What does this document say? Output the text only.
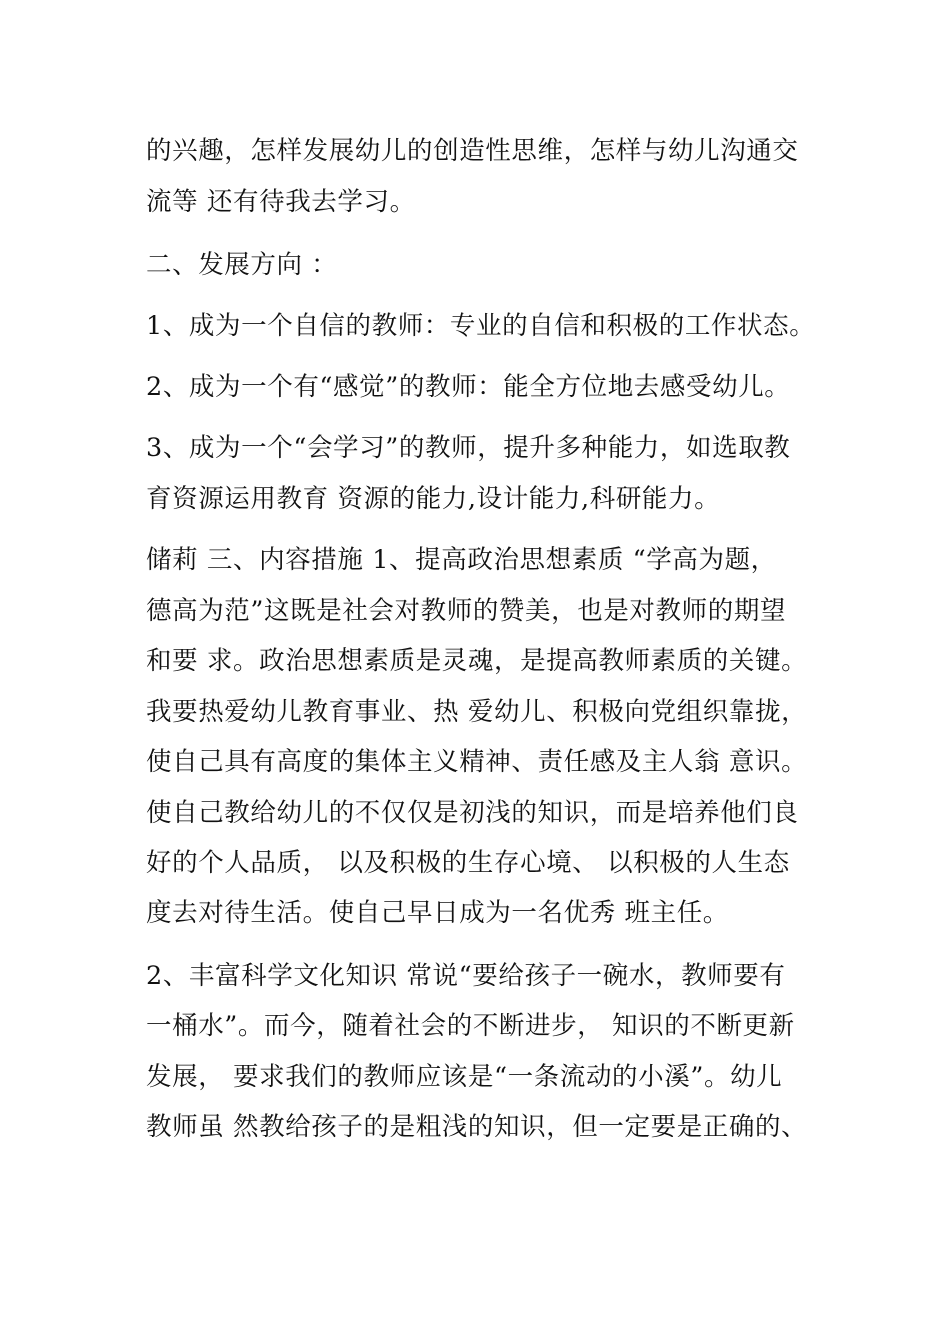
的兴趣，怎样发展幼儿的创造性思维，怎样与幼儿沟通交
流等 还有待我去学习。
二、发展方向 ：
1、成为一个自信的教师：专业的自信和积极的工作状态。
2、成为一个有“感觉”的教师：能全方位地去感受幼儿。
3、成为一个“会学习”的教师，提升多种能力，如选取教
育资源运用教育 资源的能力,设计能力,科研能力。
储莉 三、内容措施 1、提高政治思想素质 “学高为题，
德高为范”这既是社会对教师的赞美，也是对教师的期望
和要 求。政治思想素质是灵魂，是提高教师素质的关键。
我要热爱幼儿教育事业、热 爱幼儿、积极向党组织靠拢，
使自己具有高度的集体主义精神、责任感及主人翁 意识。
使自己教给幼儿的不仅仅是初浅的知识，而是培养他们良
好的个人品质， 以及积极的生存心境、 以积极的人生态
度去对待生活。使自己早日成为一名优秀 班主任。
2、丰富科学文化知识 常说“要给孩子一碗水，教师要有
一桶水”。而今，随着社会的不断进步， 知识的不断更新
发展， 要求我们的教师应该是“一条流动的小溪”。幼儿
教师虽 然教给孩子的是粗浅的知识，但一定要是正确的、
